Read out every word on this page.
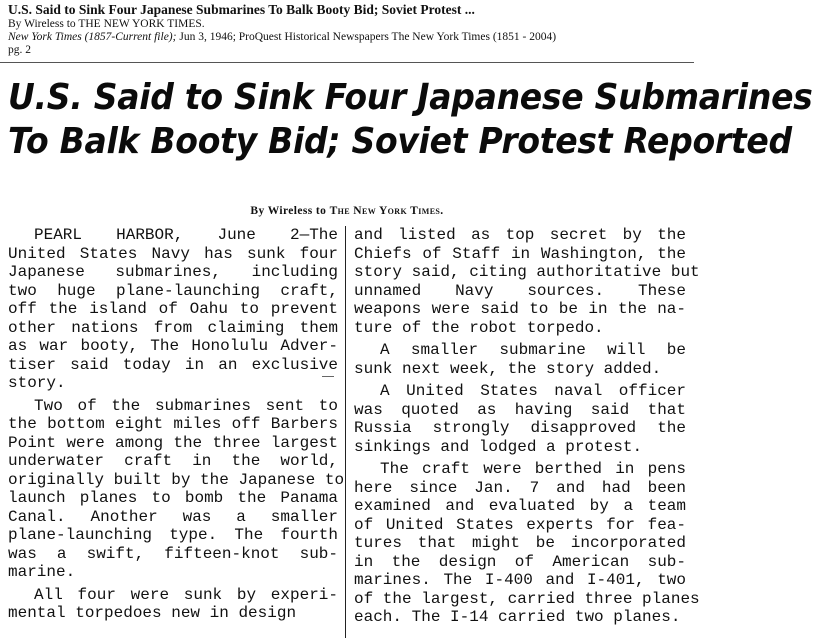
U.S. Said to Sink Four Japanese Submarines To Balk Booty Bid; Soviet Protest ...
By Wireless to THE NEW YORK TIMES.
New York Times (1857-Current file); Jun 3, 1946; ProQuest Historical Newspapers The New York Times (1851 - 2004)
pg. 2
U.S. Said to Sink Four Japanese Submarines
To Balk Booty Bid; Soviet Protest Reported
By Wireless to The New York Times.
PEARL HARBOR, June 2—The
United States Navy has sunk four
Japanese submarines, including
two huge plane-launching craft,
off the island of Oahu to prevent
other nations from claiming them
as war booty, The Honolulu Adver-
tiser said today in an exclusive
story.
Two of the submarines sent to
the bottom eight miles off Barbers
Point were among the three largest
underwater craft in the world,
originally built by the Japanese to
launch planes to bomb the Panama
Canal. Another was a smaller
plane-launching type. The fourth
was a swift, fifteen-knot sub-
marine.
All four were sunk by experi-
mental torpedoes new in design
and listed as top secret by the
Chiefs of Staff in Washington, the
story said, citing authoritative but
unnamed Navy sources. These
weapons were said to be in the na-
ture of the robot torpedo.
A smaller submarine will be
sunk next week, the story added.
A United States naval officer
was quoted as having said that
Russia strongly disapproved the
sinkings and lodged a protest.
The craft were berthed in pens
here since Jan. 7 and had been
examined and evaluated by a team
of United States experts for fea-
tures that might be incorporated
in the design of American sub-
marines. The I-400 and I-401, two
of the largest, carried three planes
each. The I-14 carried two planes.
